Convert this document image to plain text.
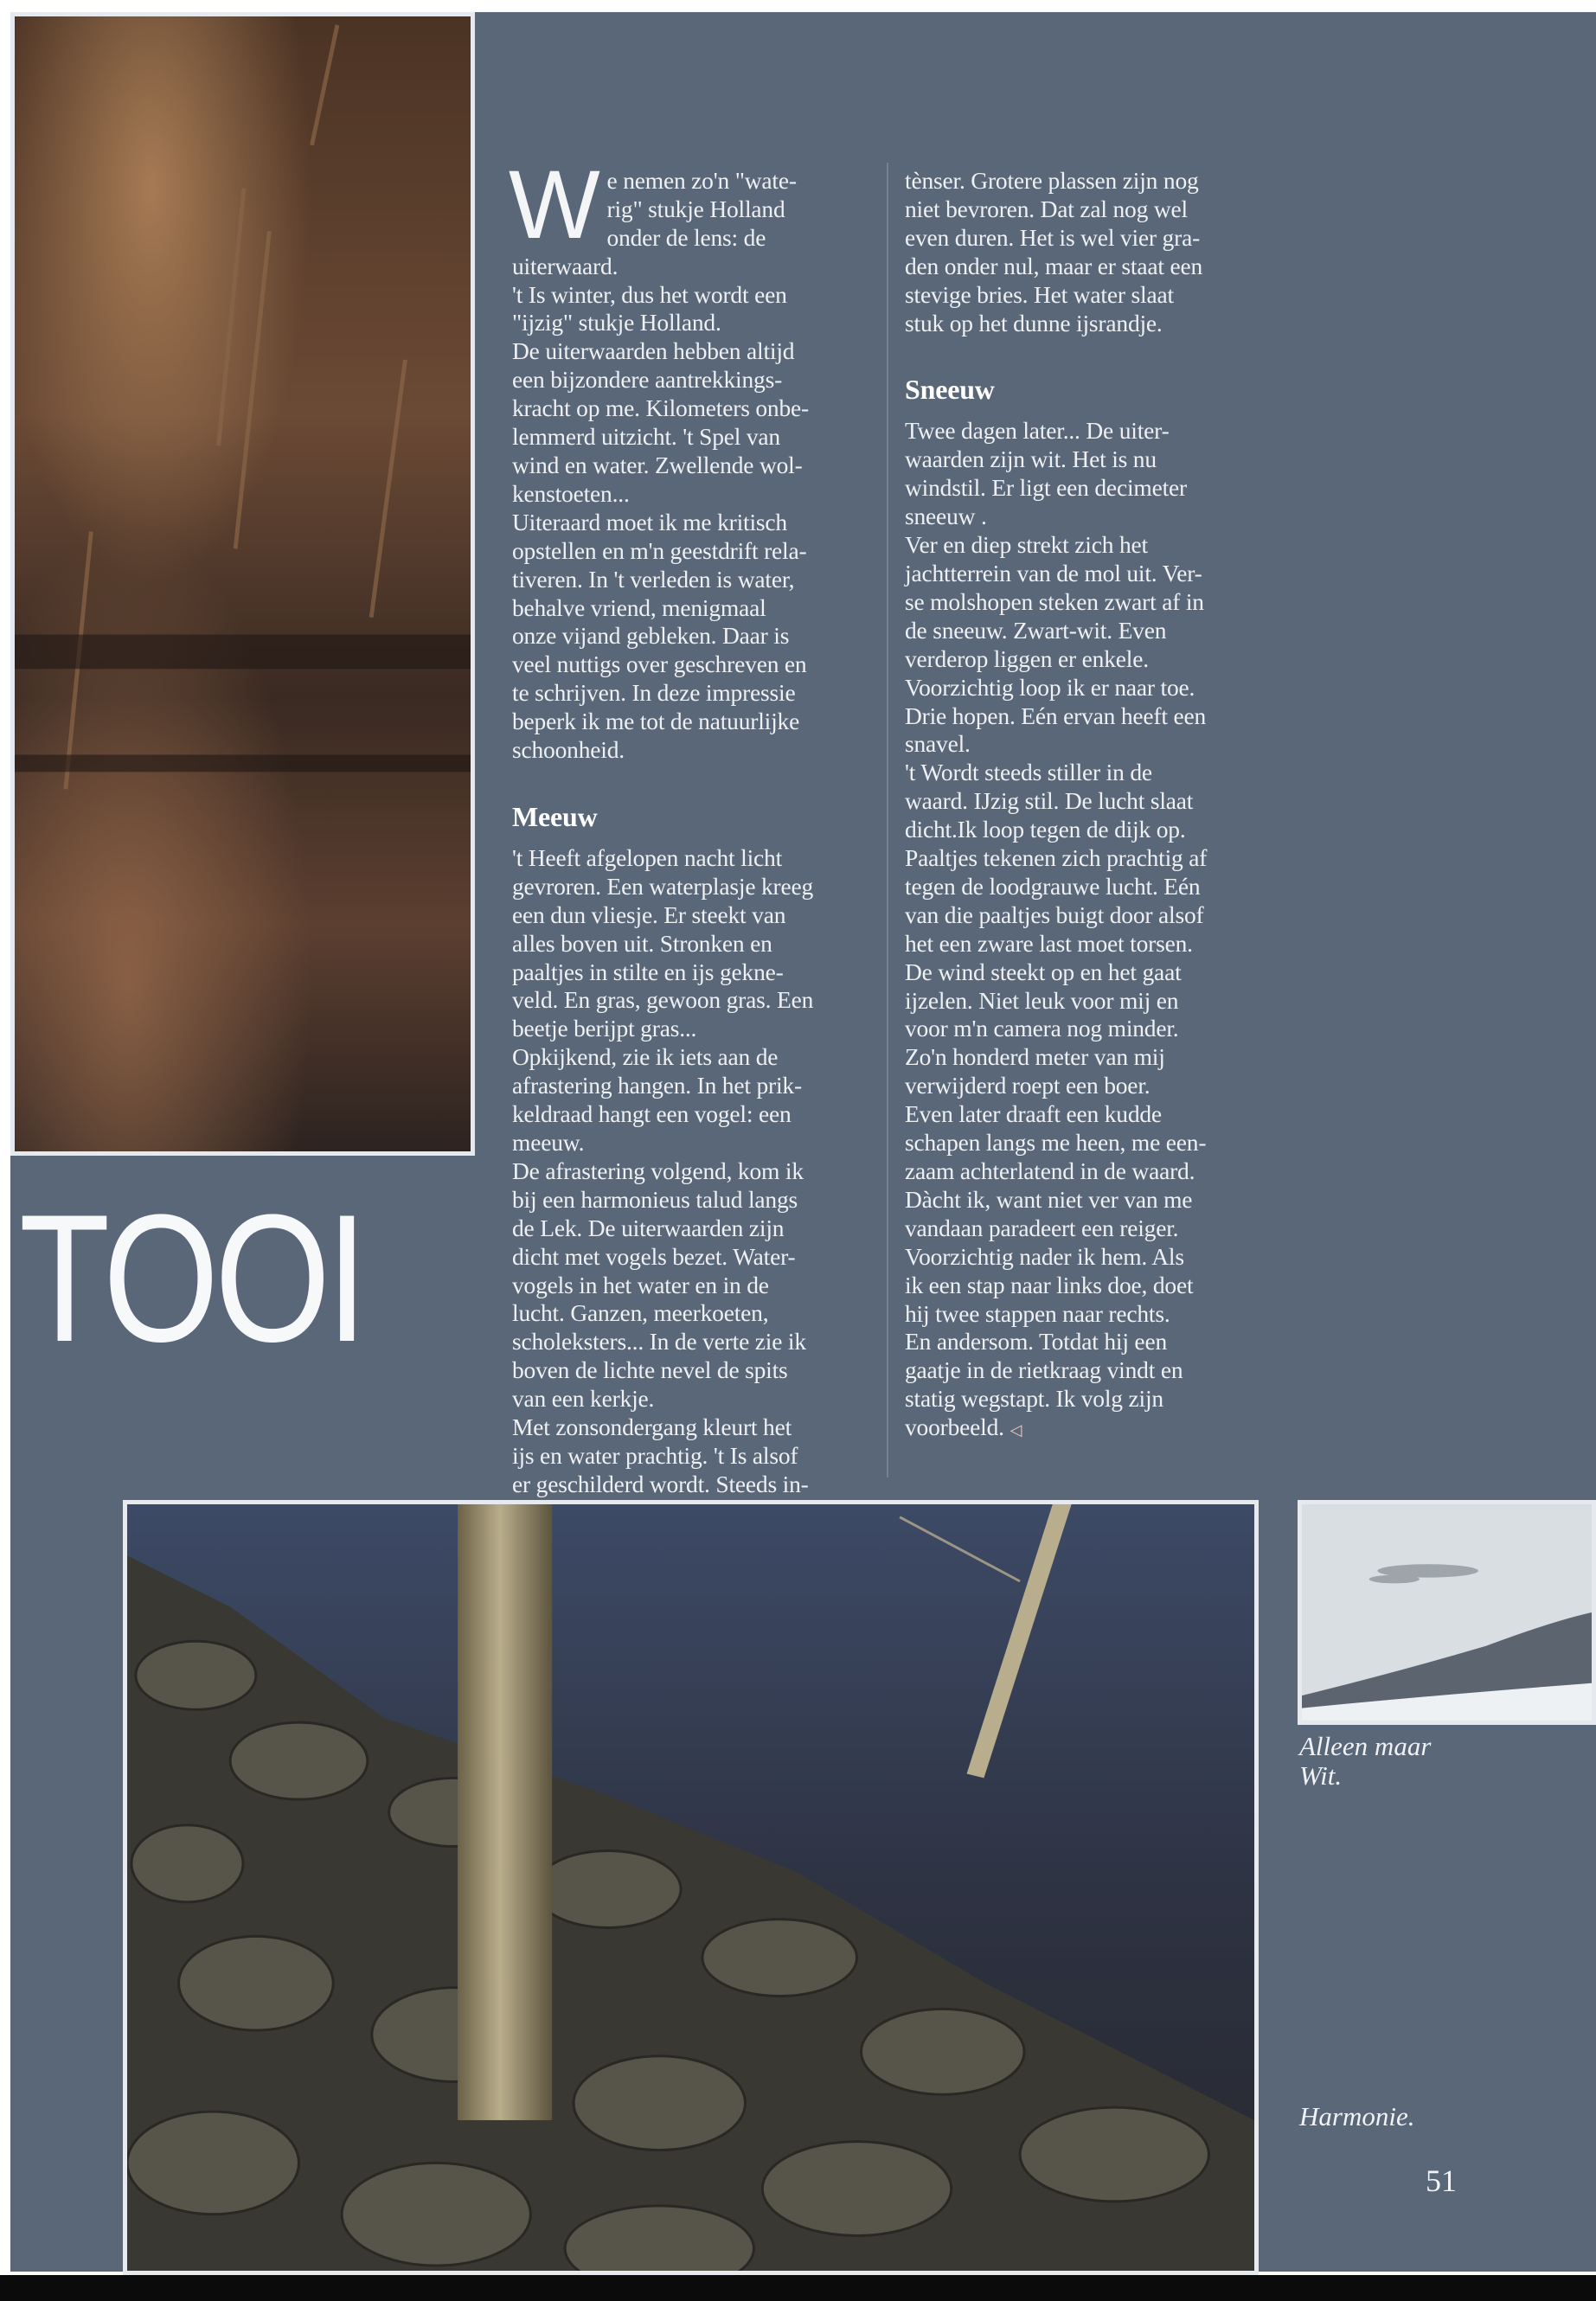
We nemen zo'n "wate-
rig" stukje Holland
onder de lens: de uiterwaard.
't Is winter, dus het wordt een
"ijzig" stukje Holland.
De uiterwaarden hebben altijd
een bijzondere aantrekkings-
kracht op me. Kilometers onbe-
lemmerd uitzicht. 't Spel van
wind en water. Zwellende wol-
kenstoeten...
Uiteraard moet ik me kritisch
opstellen en m'n geestdrift rela-
tiveren. In 't verleden is water,
behalve vriend, menigmaal
onze vijand gebleken. Daar is
veel nuttigs over geschreven en
te schrijven. In deze impressie
beperk ik me tot de natuurlijke
schoonheid.

Meeuw

't Heeft afgelopen nacht licht
gevroren. Een waterplasje kreeg
een dun vliesje. Er steekt van
alles boven uit. Stronken en
paaltjes in stilte en ijs gekne-
veld. En gras, gewoon gras. Een
beetje berijpt gras...
Opkijkend, zie ik iets aan de
afrastering hangen. In het prik-
keldraad hangt een vogel: een
meeuw.
De afrastering volgend, kom ik
bij een harmonieus talud langs
de Lek. De uiterwaarden zijn
dicht met vogels bezet. Water-
vogels in het water en in de
lucht. Ganzen, meerkoeten,
scholeksters... In de verte zie ik
boven de lichte nevel de spits
van een kerkje.
Met zonsondergang kleurt het
ijs en water prachtig. 't Is alsof
er geschilderd wordt. Steeds in-

tènser. Grotere plassen zijn nog
niet bevroren. Dat zal nog wel
even duren. Het is wel vier gra-
den onder nul, maar er staat een
stevige bries. Het water slaat
stuk op het dunne ijsrandje.

Sneeuw

Twee dagen later... De uiter-
waarden zijn wit. Het is nu
windstil. Er ligt een decimeter
sneeuw .
Ver en diep strekt zich het
jachtterrein van de mol uit. Ver-
se molshopen steken zwart af in
de sneeuw. Zwart-wit. Even
verderop liggen er enkele.
Voorzichtig loop ik er naar toe.
Drie hopen. Eén ervan heeft een
snavel.
't Wordt steeds stiller in de
waard. IJzig stil. De lucht slaat
dicht.Ik loop tegen de dijk op.
Paaltjes tekenen zich prachtig af
tegen de loodgrauwe lucht. Eén
van die paaltjes buigt door alsof
het een zware last moet torsen.
De wind steekt op en het gaat
ijzelen. Niet leuk voor mij en
voor m'n camera nog minder.
Zo'n honderd meter van mij
verwijderd roept een boer.
Even later draaft een kudde
schapen langs me heen, me een-
zaam achterlatend in de waard.
Dàcht ik, want niet ver van me
vandaan paradeert een reiger.
Voorzichtig nader ik hem. Als
ik een stap naar links doe, doet
hij twee stappen naar rechts.
En andersom. Totdat hij een
gaatje in de rietkraag vindt en
statig wegstapt. Ik volg zijn
voorbeeld. ◁

TOOI
Alleen maar
Wit.
Harmonie.
51
